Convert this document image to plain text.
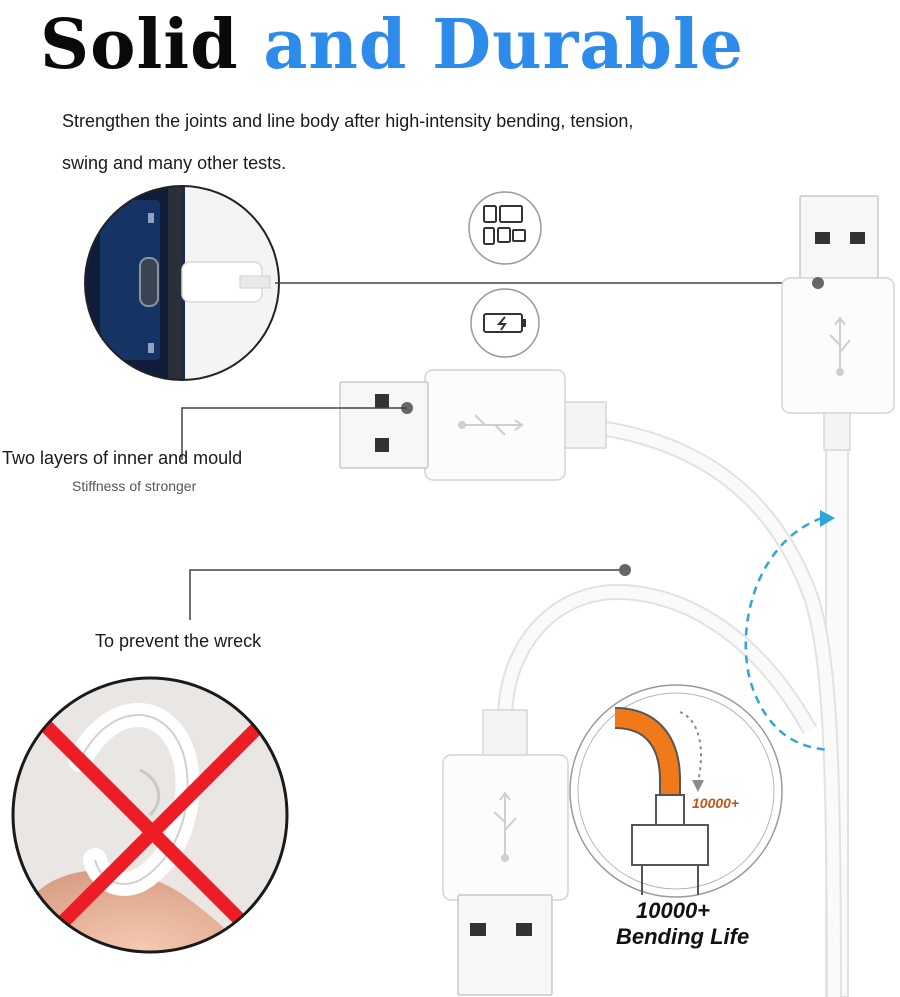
Solid and Durable
Strengthen the joints and line body after high-intensity bending, tension,
swing and many other tests.
Two layers of inner and mould
Stiffness of stronger
To prevent the wreck
10000+
10000+
Bending Life
